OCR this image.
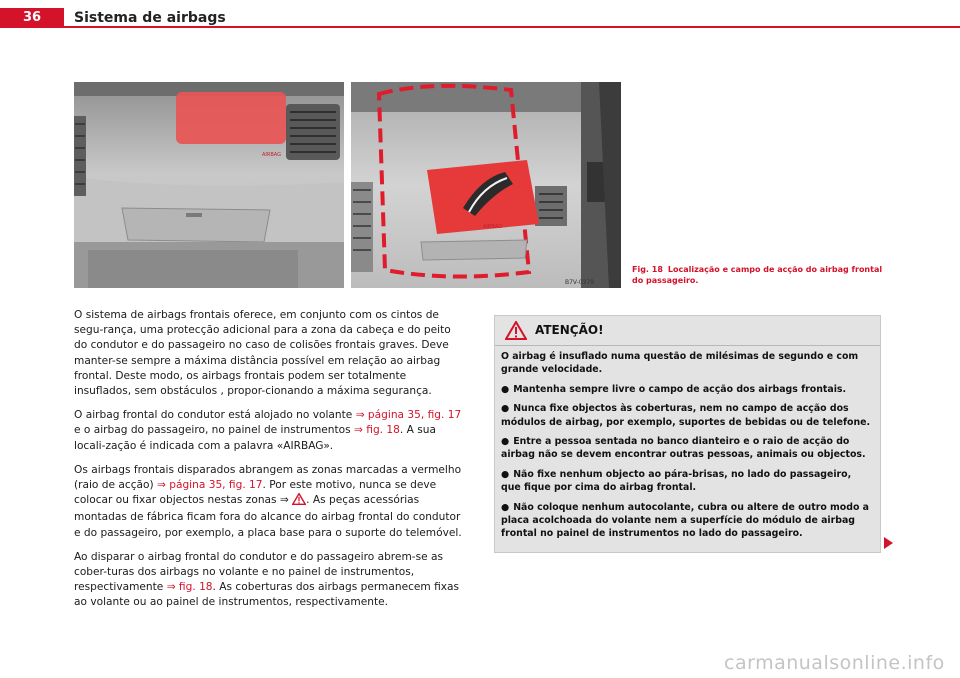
36	Sistema de airbags
AIRBAG
AIRBAG
B7V-0379
Fig. 18 Localização e campo de acção do airbag frontal do passageiro.

O sistema de airbags frontais oferece, em conjunto com os cintos de segu-rança, uma protecção adicional para a zona da cabeça e do peito do condutor e do passageiro no caso de colisões frontais graves. Deve manter-se sempre a máxima distância possível em relação ao airbag frontal. Deste modo, os airbags frontais podem ser totalmente insuflados, sem obstáculos , propor-cionando a máxima segurança.

O airbag frontal do condutor está alojado no volante ⇒ página 35, fig. 17 e o airbag do passageiro, no painel de instrumentos ⇒ fig. 18. A sua locali-zação é indicada com a palavra «AIRBAG».

Os airbags frontais disparados abrangem as zonas marcadas a vermelho (raio de acção) ⇒ página 35, fig. 17. Por este motivo, nunca se deve colocar ou fixar objectos nestas zonas ⇒ . As peças acessórias montadas de fábrica ficam fora do alcance do airbag frontal do condutor e do passageiro, por exemplo, a placa base para o suporte do telemóvel.

Ao disparar o airbag frontal do condutor e do passageiro abrem-se as cober-turas dos airbags no volante e no painel de instrumentos, respectivamente ⇒ fig. 18. As coberturas dos airbags permanecem fixas ao volante ou ao painel de instrumentos, respectivamente.

ATENÇÃO!

O airbag é insuflado numa questão de milésimas de segundo e com grande velocidade.

● Mantenha sempre livre o campo de acção dos airbags frontais.
● Nunca fixe objectos às coberturas, nem no campo de acção dos módulos de airbag, por exemplo, suportes de bebidas ou de telefone.
● Entre a pessoa sentada no banco dianteiro e o raio de acção do airbag não se devem encontrar outras pessoas, animais ou objectos.
● Não fixe nenhum objecto ao pára-brisas, no lado do passageiro, que fique por cima do airbag frontal.
● Não coloque nenhum autocolante, cubra ou altere de outro modo a placa acolchoada do volante nem a superfície do módulo de airbag frontal no painel de instrumentos no lado do passageiro.
carmanualsonline.info
